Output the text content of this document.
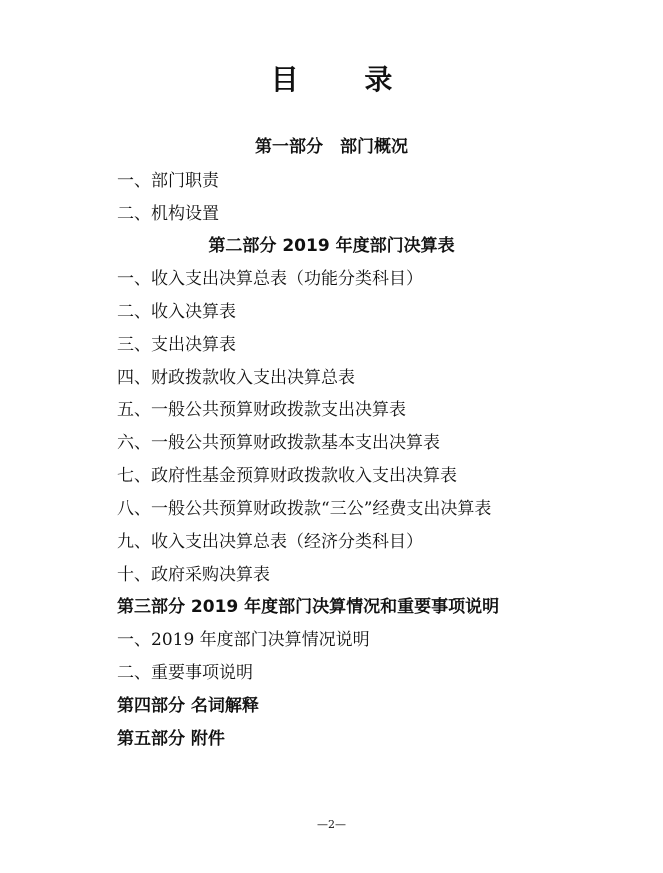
目 录
第一部分　部门概况
一、部门职责
二、机构设置
第二部分 2019 年度部门决算表
一、收入支出决算总表（功能分类科目）
二、收入决算表
三、支出决算表
四、财政拨款收入支出决算总表
五、一般公共预算财政拨款支出决算表
六、一般公共预算财政拨款基本支出决算表
七、政府性基金预算财政拨款收入支出决算表
八、一般公共预算财政拨款“三公”经费支出决算表
九、收入支出决算总表（经济分类科目）
十、政府采购决算表
第三部分 2019 年度部门决算情况和重要事项说明
一、2019 年度部门决算情况说明
二、重要事项说明
第四部分 名词解释
第五部分 附件
—2—
